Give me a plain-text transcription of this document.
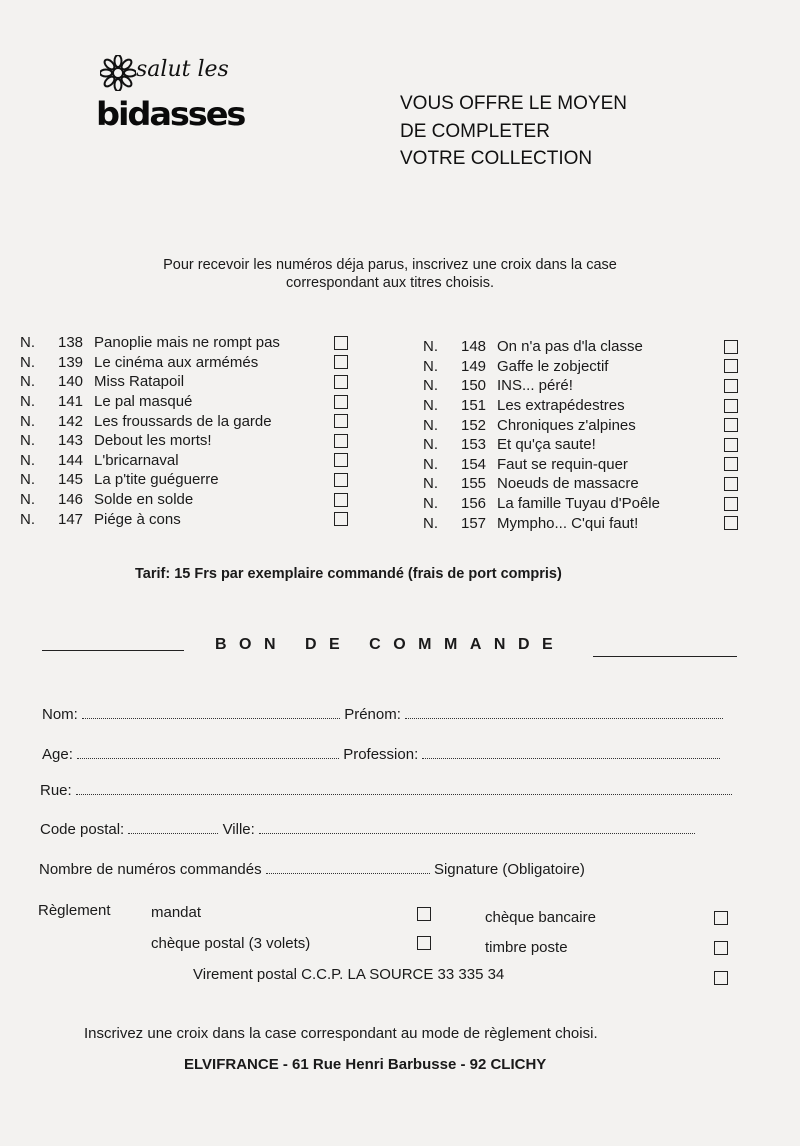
salut les
bidasses	VOUS OFFRE LE MOYEN
DE COMPLETER
VOTRE COLLECTION
Pour recevoir les numéros déja parus, inscrivez une croix dans la case
correspondant aux titres choisis.
N.	138 Panoplie mais ne rompt pas
N.	139 Le cinéma aux armémés
N.	140 Miss Ratapoil
N.	141 Le pal masqué
N.	142 Les froussards de la garde
N.	143 Debout les morts!
N.	144 L'bricarnaval
N.	145 La p'tite guéguerre
N.	146 Solde en solde
N.	147 Piége à cons
N.	148 On n'a pas d'la classe
N.	149 Gaffe le zobjectif
N.	150 INS... péré!
N.	151 Les extrapédestres
N.	152 Chroniques z'alpines
N.	153 Et qu'ça saute!
N.	154 Faut se requin-quer
N.	155 Noeuds de massacre
N.	156 La famille Tuyau d'Poêle
N.	157 Mympho... C'qui faut!
Tarif: 15 Frs par exemplaire commandé (frais de port compris)
BON DE COMMANDE
Nom:	Prénom:
Age:	Profession:
Rue:
Code postal:	Ville:
Nombre de numéros commandés	Signature (Obligatoire)
Règlement	mandat	chèque bancaire
chèque postal (3 volets)	timbre poste
Virement postal C.C.P. LA SOURCE 33 335 34
Inscrivez une croix dans la case correspondant au mode de règlement choisi.
ELVIFRANCE - 61 Rue Henri Barbusse - 92 CLICHY
